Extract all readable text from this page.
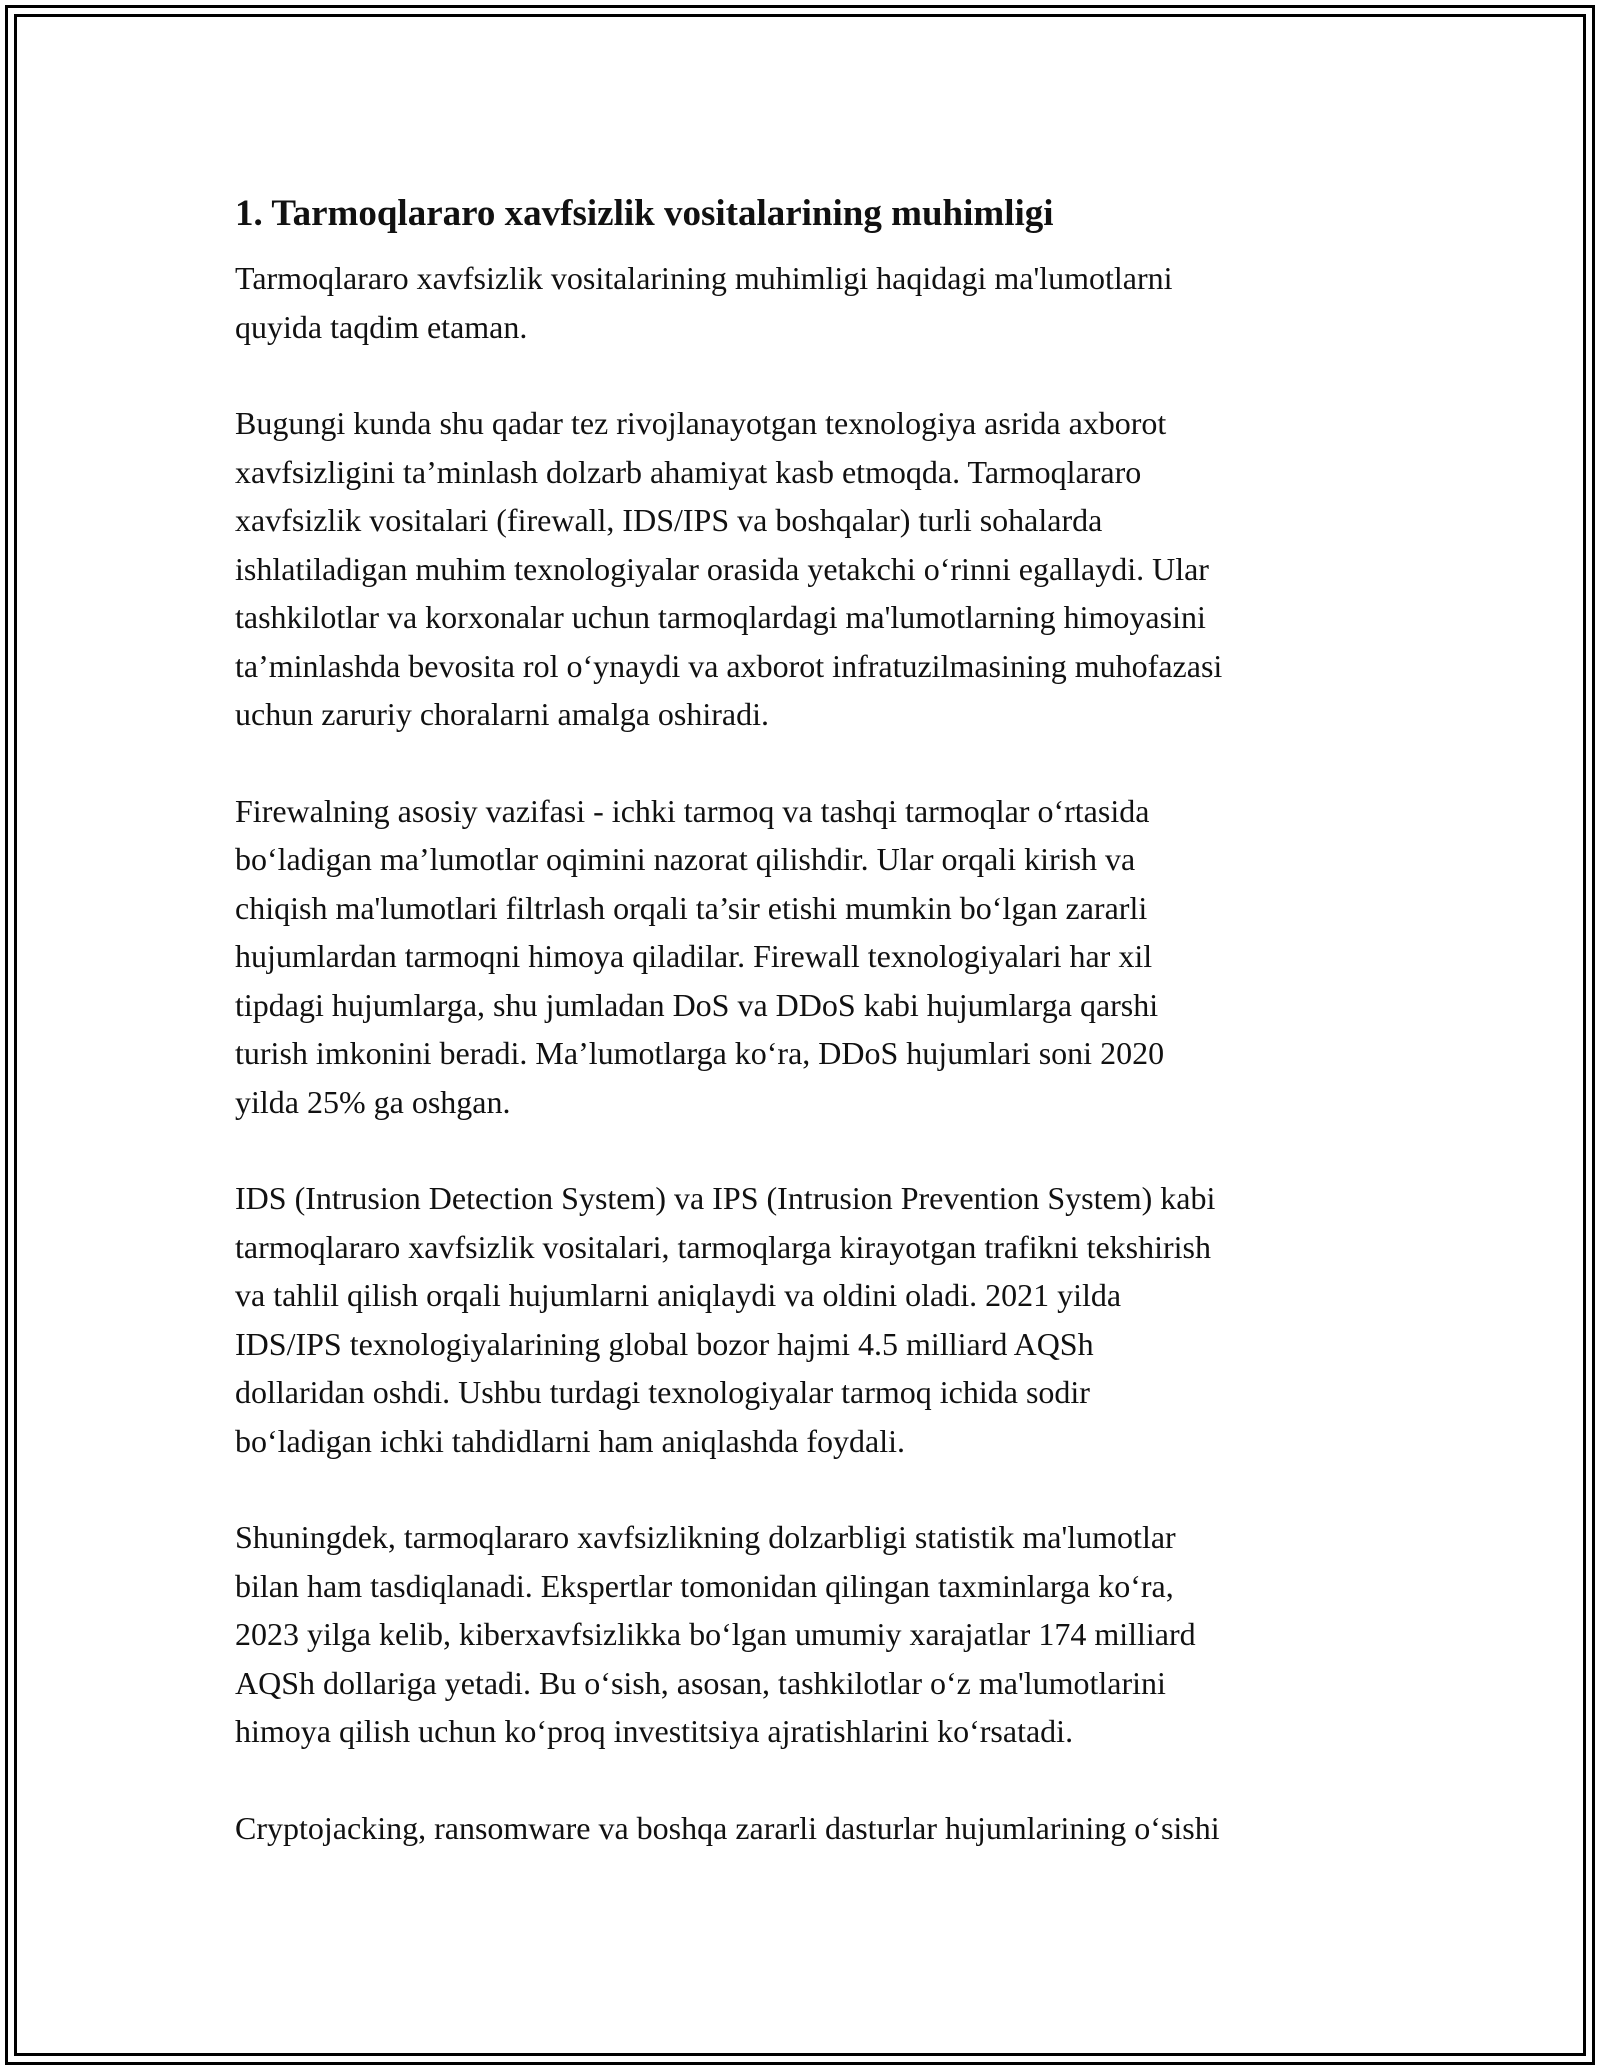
1. Tarmoqlararo xavfsizlik vositalarining muhimligi
Tarmoqlararo xavfsizlik vositalarining muhimligi haqidagi ma'lumotlarni
quyida taqdim etaman.
Bugungi kunda shu qadar tez rivojlanayotgan texnologiya asrida axborot
xavfsizligini ta’minlash dolzarb ahamiyat kasb etmoqda. Tarmoqlararo
xavfsizlik vositalari (firewall, IDS/IPS va boshqalar) turli sohalarda
ishlatiladigan muhim texnologiyalar orasida yetakchi o‘rinni egallaydi. Ular
tashkilotlar va korxonalar uchun tarmoqlardagi ma'lumotlarning himoyasini
ta’minlashda bevosita rol o‘ynaydi va axborot infratuzilmasining muhofazasi
uchun zaruriy choralarni amalga oshiradi.
Firewalning asosiy vazifasi - ichki tarmoq va tashqi tarmoqlar o‘rtasida
bo‘ladigan ma’lumotlar oqimini nazorat qilishdir. Ular orqali kirish va
chiqish ma'lumotlari filtrlash orqali ta’sir etishi mumkin bo‘lgan zararli
hujumlardan tarmoqni himoya qiladilar. Firewall texnologiyalari har xil
tipdagi hujumlarga, shu jumladan DoS va DDoS kabi hujumlarga qarshi
turish imkonini beradi. Ma’lumotlarga ko‘ra, DDoS hujumlari soni 2020
yilda 25% ga oshgan.
IDS (Intrusion Detection System) va IPS (Intrusion Prevention System) kabi
tarmoqlararo xavfsizlik vositalari, tarmoqlarga kirayotgan trafikni tekshirish
va tahlil qilish orqali hujumlarni aniqlaydi va oldini oladi. 2021 yilda
IDS/IPS texnologiyalarining global bozor hajmi 4.5 milliard AQSh
dollaridan oshdi. Ushbu turdagi texnologiyalar tarmoq ichida sodir
bo‘ladigan ichki tahdidlarni ham aniqlashda foydali.
Shuningdek, tarmoqlararo xavfsizlikning dolzarbligi statistik ma'lumotlar
bilan ham tasdiqlanadi. Ekspertlar tomonidan qilingan taxminlarga ko‘ra,
2023 yilga kelib, kiberxavfsizlikka bo‘lgan umumiy xarajatlar 174 milliard
AQSh dollariga yetadi. Bu o‘sish, asosan, tashkilotlar o‘z ma'lumotlarini
himoya qilish uchun ko‘proq investitsiya ajratishlarini ko‘rsatadi.
Cryptojacking, ransomware va boshqa zararli dasturlar hujumlarining o‘sishi
